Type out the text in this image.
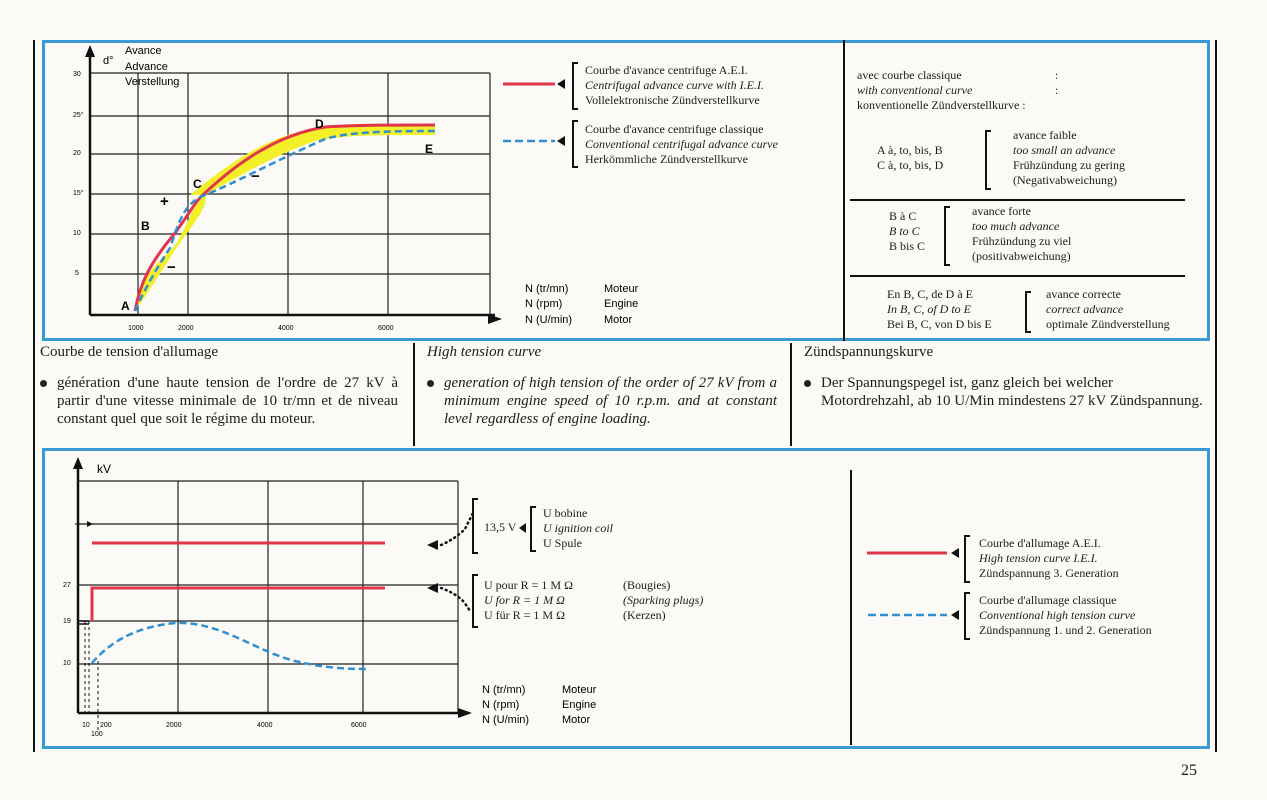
30
25°
20
15°
10
5
1000	2000	4000	6000
d°
Avance
Advance
Verstellung
A
B
C
D
E
+
−
−
N (tr/mn)	Moteur
N (rpm)	Engine
N (U/min)	Motor
Courbe d'avance centrifuge A.E.I.
Centrifugal advance curve with I.E.I.
Vollelektronische Zündverstellkurve
Courbe d'avance centrifuge classique
Conventional centrifugal advance curve
Herkömmliche Zündverstellkurve
avec courbe classique
with conventional curve
konventionelle Zündverstellkurve :
:
:
A à, to, bis, B
C à, to, bis, D
avance faible
too small an advance
Frühzündung zu gering
(Negativabweichung)
B à C
B to C
B bis C
avance forte
too much advance
Frühzündung zu viel
(positivabweichung)
En B, C, de D à E
In B, C, of D to E
Bei B, C, von D bis E
avance correcte
correct advance
optimale Zündverstellung
Courbe de tension d'allumage
génération d'une haute tension de l'ordre de 27 kV à partir d'une vitesse minimale de 10 tr/mn et de niveau constant quel que soit le régime du moteur.
High tension curve
generation of high tension of the order of 27 kV from a minimum engine speed of 10 r.p.m. and at constant level regardless of engine loading.
Zündspannungskurve
Der Spannungspegel ist, ganz gleich bei welcher Motordrehzahl, ab 10 U/Min mindestens 27 kV Zündspannung.
kV
27
19
10
10 200
100
2000	4000	6000
N (tr/mn)	Moteur
N (rpm)	Engine
N (U/min)	Motor
13,5 V
U bobine
U ignition coil
U Spule
U pour R = 1 M Ω
U for R = 1 M Ω
U für R = 1 M Ω
(Bougies)
(Sparking plugs)
(Kerzen)
Courbe d'allumage A.E.I.
High tension curve I.E.I.
Zündspannung 3. Generation
Courbe d'allumage classique
Conventional high tension curve
Zündspannung 1. und 2. Generation
25
